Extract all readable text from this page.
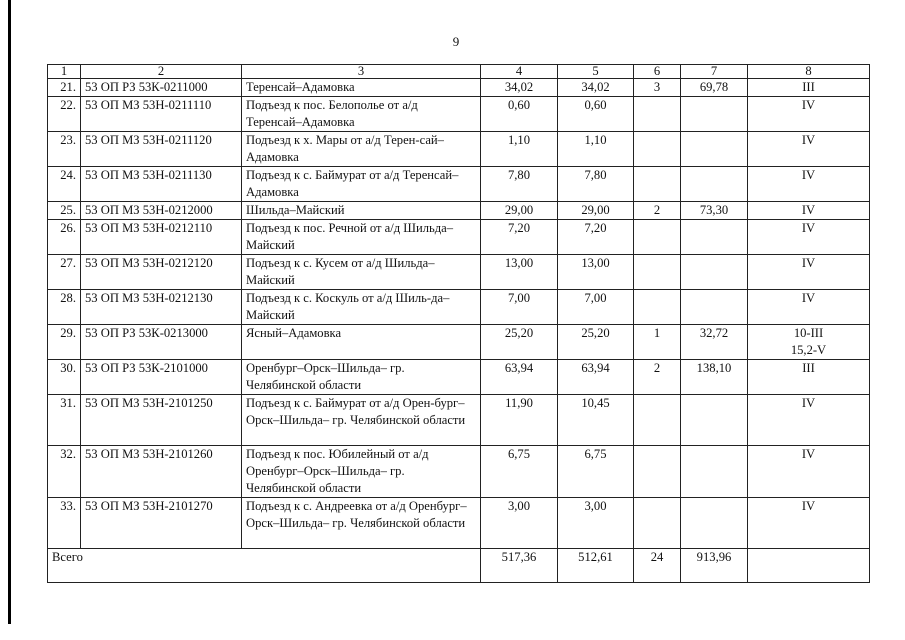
9
1	2	3	4	5	6	7	8
21.	53 ОП РЗ 53К-0211000	Теренсай–Адамовка	34,02	34,02	3	69,78	III
22.	53 ОП МЗ 53Н-0211110	Подъезд к пос. Белополье от а/д Теренсай–Адамовка	0,60	0,60			IV
23.	53 ОП МЗ 53Н-0211120	Подъезд к х. Мары от а/д Терен-сай–Адамовка	1,10	1,10			IV
24.	53 ОП МЗ 53Н-0211130	Подъезд к с. Баймурат от а/д Теренсай–Адамовка	7,80	7,80			IV
25.	53 ОП МЗ 53Н-0212000	Шильда–Майский	29,00	29,00	2	73,30	IV
26.	53 ОП МЗ 53Н-0212110	Подъезд к пос. Речной от а/д Шильда–Майский	7,20	7,20			IV
27.	53 ОП МЗ 53Н-0212120	Подъезд к с. Кусем от а/д Шильда–Майский	13,00	13,00			IV
28.	53 ОП МЗ 53Н-0212130	Подъезд к с. Коскуль от а/д Шиль-да–Майский	7,00	7,00			IV
29.	53 ОП РЗ 53К-0213000	Ясный–Адамовка	25,20	25,20	1	32,72	10-III
15,2-V
30.	53 ОП РЗ 53К-2101000	Оренбург–Орск–Шильда– гр. Челябинской области	63,94	63,94	2	138,10	III
31.	53 ОП МЗ 53Н-2101250	Подъезд к с. Баймурат от а/д Орен-бург–Орск–Шильда– гр. Челябинской области	11,90	10,45			IV
32.	53 ОП МЗ 53Н-2101260	Подъезд к пос. Юбилейный от а/д Оренбург–Орск–Шильда– гр. Челябинской области	6,75	6,75			IV
33.	53 ОП МЗ 53Н-2101270	Подъезд к с. Андреевка от а/д Оренбург–Орск–Шильда– гр. Челябинской области	3,00	3,00			IV
Всего			517,36	512,61	24	913,96	
